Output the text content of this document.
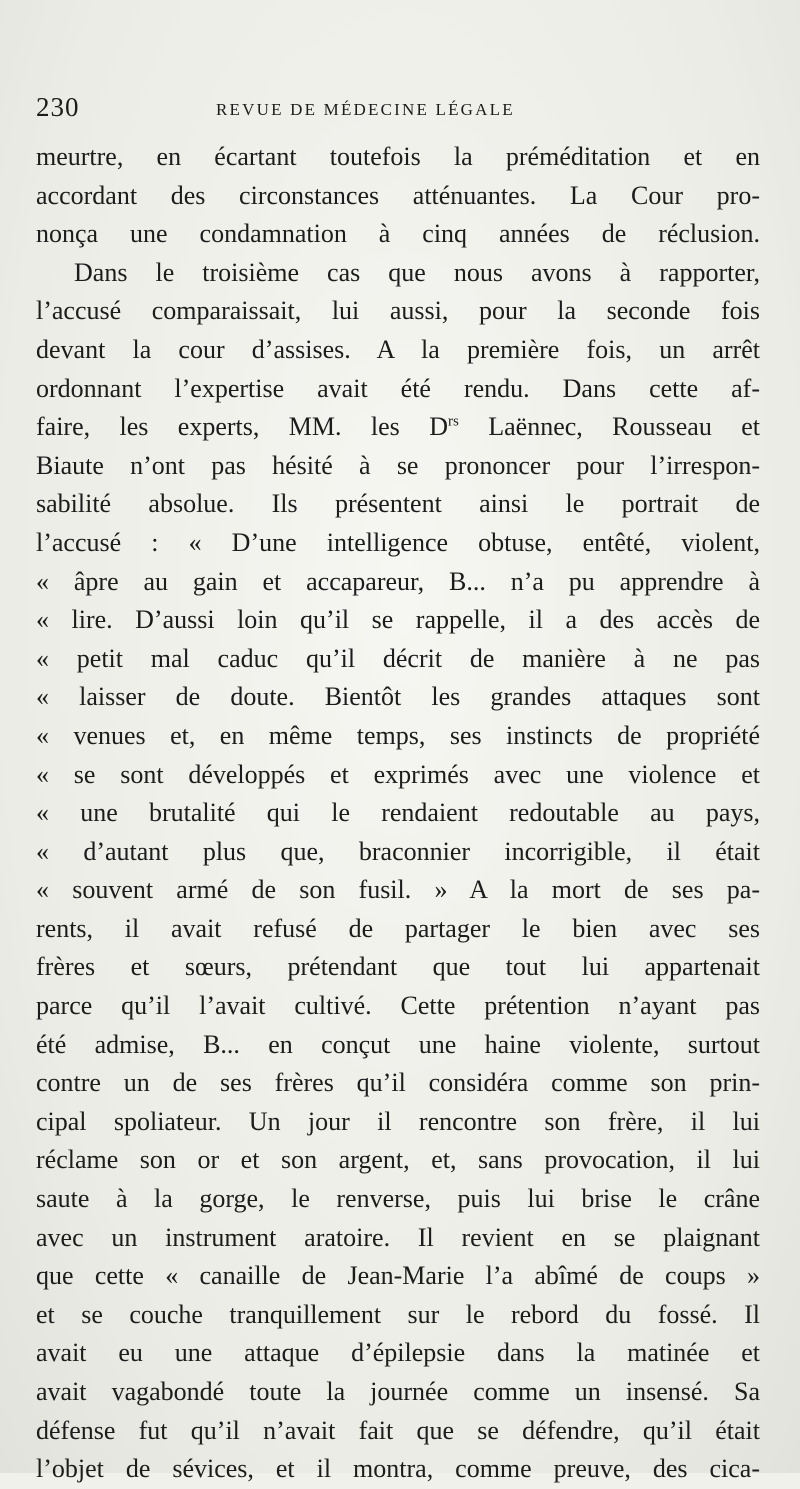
230	REVUE DE MÉDECINE LÉGALE
meurtre, en écartant toutefois la préméditation et en
accordant des circonstances atténuantes. La Cour pro-
nonça une condamnation à cinq années de réclusion.
Dans le troisième cas que nous avons à rapporter,
l’accusé comparaissait, lui aussi, pour la seconde fois
devant la cour d’assises. A la première fois, un arrêt
ordonnant l’expertise avait été rendu. Dans cette af-
faire, les experts, MM. les $D^{rs}$ Laënnec, Rousseau et
Biaute n’ont pas hésité à se prononcer pour l’irrespon-
sabilité absolue. Ils présentent ainsi le portrait de
l’accusé : « D’une intelligence obtuse, entêté, violent,
« âpre au gain et accapareur, B... n’a pu apprendre à
« lire. D’aussi loin qu’il se rappelle, il a des accès de
« petit mal caduc qu’il décrit de manière à ne pas
« laisser de doute. Bientôt les grandes attaques sont
« venues et, en même temps, ses instincts de propriété
« se sont développés et exprimés avec une violence et
« une brutalité qui le rendaient redoutable au pays,
« d’autant plus que, braconnier incorrigible, il était
« souvent armé de son fusil. » A la mort de ses pa-
rents, il avait refusé de partager le bien avec ses
frères et sœurs, prétendant que tout lui appartenait
parce qu’il l’avait cultivé. Cette prétention n’ayant pas
été admise, B... en conçut une haine violente, surtout
contre un de ses frères qu’il considéra comme son prin-
cipal spoliateur. Un jour il rencontre son frère, il lui
réclame son or et son argent, et, sans provocation, il lui
saute à la gorge, le renverse, puis lui brise le crâne
avec un instrument aratoire. Il revient en se plaignant
que cette « canaille de Jean-Marie l’a abîmé de coups »
et se couche tranquillement sur le rebord du fossé. Il
avait eu une attaque d’épilepsie dans la matinée et
avait vagabondé toute la journée comme un insensé. Sa
défense fut qu’il n’avait fait que se défendre, qu’il était
l’objet de sévices, et il montra, comme preuve, des cica-
